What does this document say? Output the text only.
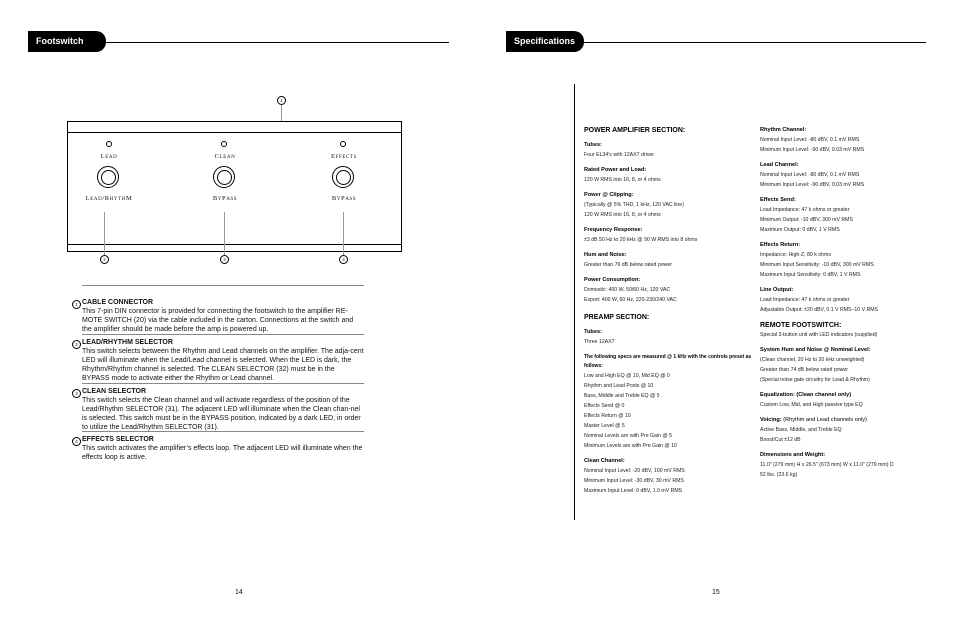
Footswitch
1
Lead	Clean	Effects
Lead/RhythM	ByPass	ByPass
2	3	4
1 CABLE CONNECTOR

This 7-pin DIN connector is provided for connecting the footswitch to the amplifier RE-MOTE SWITCH (20) via the cable included in the carton. Connections at the switch and the amplifier should be made before the amp is powered up.

2 LEAD/RHYTHM SELECTOR

This switch selects between the Rhythm and Lead channels on the amplifier. The adja-cent LED will illuminate when the Lead/Lead channel is selected. When the LED is dark, the Rhythm/Rhythm channel is selected. The CLEAN SELECTOR (32) must be in the BYPASS mode to activate either the Rhythm or Lead channel.

3 CLEAN SELECTOR

This switch selects the Clean channel and will activate regardless of the position of the Lead/Rhythm SELECTOR (31). The adjacent LED will illuminate when the Clean chan-nel is selected. This switch must be in the BYPASS position, indicated by a dark LED, in order to utilize the Lead/Rhythm SELECTOR (31).

4 EFFECTS SELECTOR

This switch activates the amplifier’s effects loop. The adjacent LED will illuminate when the effects loop is active.

14
Specifications
POWER AMPLIFIER SECTION:
Tubes:
Four EL34’s with 12AX7 driver
Rated Power and Load:
120 W RMS into 16, 8, or 4 ohms
Power @ Clipping:
(Typically @ 5% THD, 1 kHz, 120 VAC line)
120 W RMS into 16, 8, or 4 ohms
Frequency Response:
±3 dB 50 Hz to 20 kHz @ 90 W RMS into 8 ohms
Hum and Noise:
Greater than 76 dB below rated power
Power Consumption:
Domestic: 400 W, 50/60 Hz, 120 VAC
Export: 400 W, 60 Hz, 220-230/240 VAC
PREAMP SECTION:
Tubes:
Three 12AX7
The following specs are measured @ 1 kHz with the controls preset as follows:
Low and High EQ @ 10, Mid EQ @ 0
Rhythm and Lead Posts @ 10
Bass, Middle and Treble EQ @ 5
Effects Send @ 0
Effects Return @ 10
Master Level @ 5
Nominal Levels are with Pre Gain @ 5
Minimum Levels are with Pre Gain @ 10
Clean Channel:
Nominal Input Level: -20 dBV, 100 mV RMS
Minimum Input Level: -30 dBV, 30 mV RMS
Maximum Input Level: 0 dBV, 1.0 mV RMS
Rhythm Channel:
Nominal Input Level: -80 dBV, 0.1 mV RMS
Minimum Input Level: -90 dBV, 0.03 mV RMS
Lead Channel:
Nominal Input Level: -80 dBV, 0.1 mV RMS
Minimum Input Level: -90 dBV, 0.03 mV RMS
Effects Send:
Load Impedance: 47 k ohms or greater
Minimum Output: -10 dBV, 300 mV RMS
Maximum Output: 0 dBV, 1 V RMS
Effects Return:
Impedance: High-Z, 80 k ohms
Minimum Input Sensitivity: -10 dBV, 300 mV RMS
Maximum Input Sensitivity: 0 dBV, 1 V RMS
Line Output:
Load Impedance: 47 k ohms or greater
Adjustable Output: ±20 dBV, 0.1 V RMS–10 V RMS
REMOTE FOOTSWITCH:
Special 3-button unit with LED indicators (supplied)
System Hum and Noise @ Nominal Level:
(Clean channel, 20 Hz to 20 kHz unweighted)
Greater than 74 dB below rated power
(Special noise gate circuitry for Lead & Rhythm)
Equalization: (Clean channel only)
Custom Low, Mid, and High passive type EQ
Voicing: (Rhythm and Lead channels only)
Active Bass, Middle, and Treble EQ
Boost/Cut ±12 dB
Dimensions and Weight:
11.0" (279 mm) H x 26.5" (673 mm) W x 11.0" (279 mm) D
52 lbs. (23.6 kg)
15
